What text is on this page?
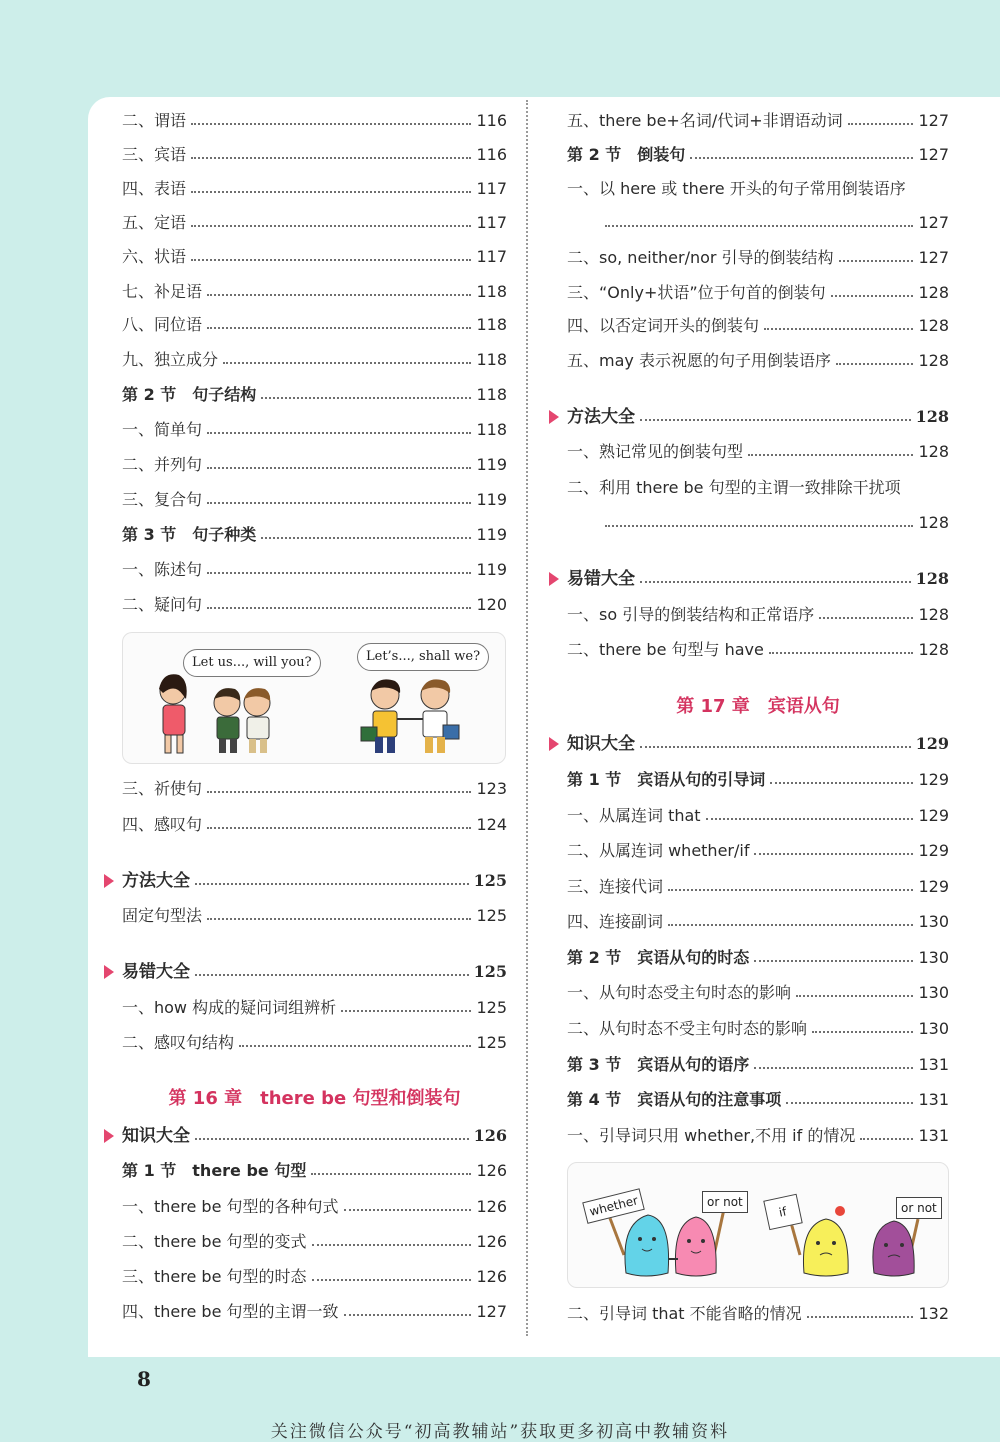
二、谓语	116
三、宾语	116
四、表语	117
五、定语	117
六、状语	117
七、补足语	118
八、同位语	118
九、独立成分	118
第 2 节　句子结构	118
一、简单句	118
二、并列句	119
三、复合句	119
第 3 节　句子种类	119
一、陈述句	119
二、疑问句	120
Let us..., will you?	Let’s..., shall we?
三、祈使句	123
四、感叹句	124
方法大全	125
固定句型法	125
易错大全	125
一、how 构成的疑问词组辨析	125
二、感叹句结构	125
第 16 章 there be 句型和倒装句
知识大全	126
第 1 节　there be 句型	126
一、there be 句型的各种句式	126
二、there be 句型的变式	126
三、there be 句型的时态	126
四、there be 句型的主谓一致	127
五、there be+名词/代词+非谓语动词	127
第 2 节　倒装句	127
一、以 here 或 there 开头的句子常用倒装语序
127
二、so, neither/nor 引导的倒装结构	127
三、“Only+状语”位于句首的倒装句	128
四、以否定词开头的倒装句	128
五、may 表示祝愿的句子用倒装语序	128
方法大全	128
一、熟记常见的倒装句型	128
二、利用 there be 句型的主谓一致排除干扰项
128
易错大全	128
一、so 引导的倒装结构和正常语序	128
二、there be 句型与 have	128
第 17 章 宾语从句
知识大全	129
第 1 节　宾语从句的引导词	129
一、从属连词 that	129
二、从属连词 whether/if	129
三、连接代词	129
四、连接副词	130
第 2 节　宾语从句的时态	130
一、从句时态受主句时态的影响	130
二、从句时态不受主句时态的影响	130
第 3 节　宾语从句的语序	131
第 4 节　宾语从句的注意事项	131
一、引导词只用 whether,不用 if 的情况	131
whether	or not
if	or not
二、引导词 that 不能省略的情况	132
8
关注微信公众号“初高教辅站”获取更多初高中教辅资料
